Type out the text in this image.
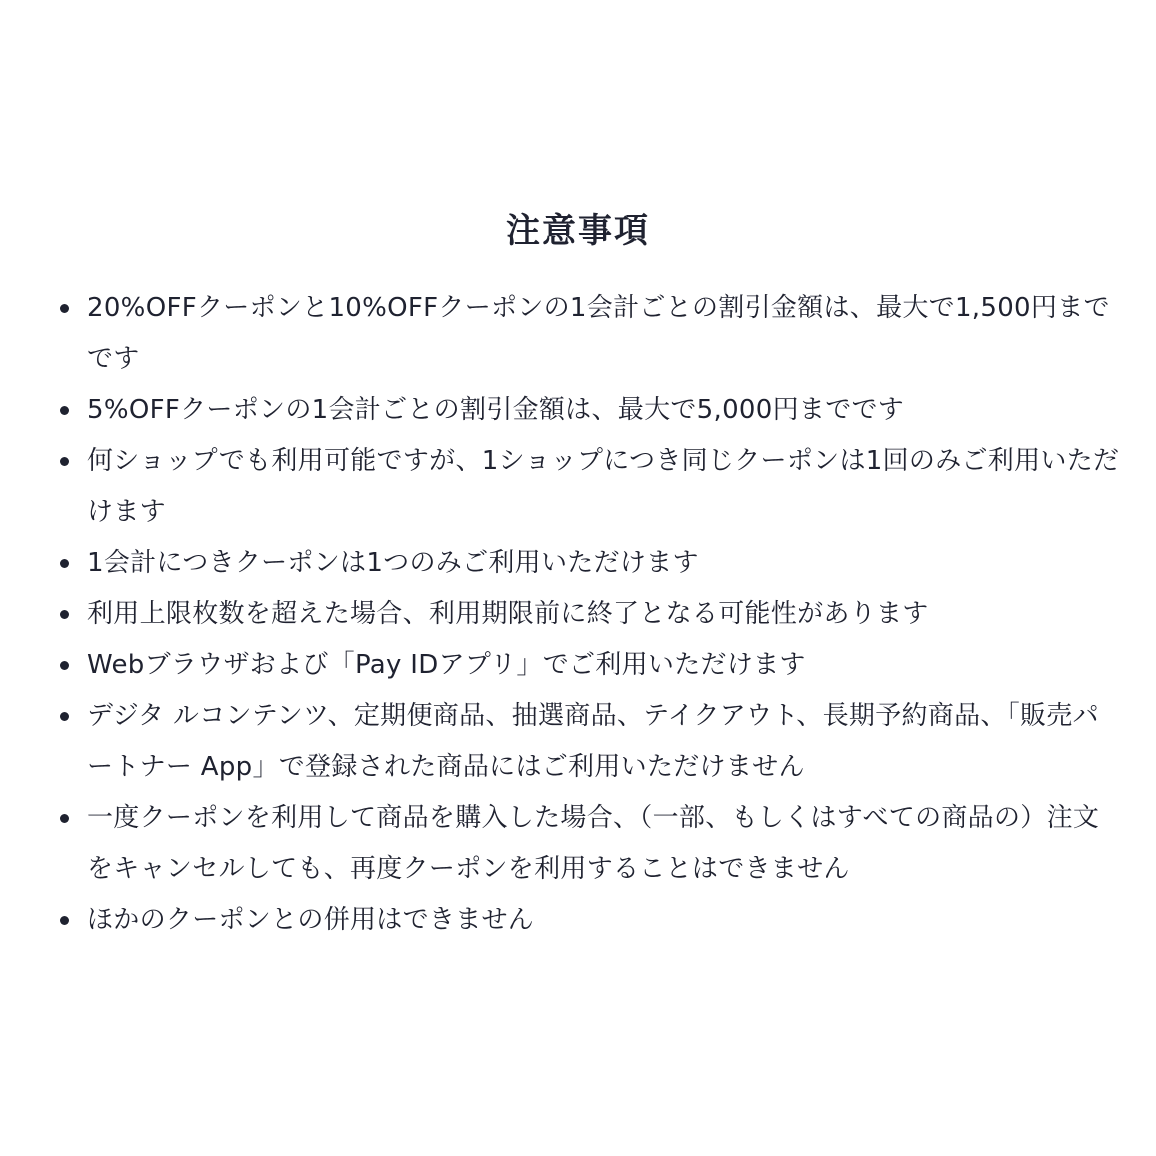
注意事項
20%OFFクーポンと10%OFFクーポンの1会計ごとの割引金額は、最大で1,500円までです
5%OFFクーポンの1会計ごとの割引金額は、最大で5,000円までです
何ショップでも利用可能ですが、1ショップにつき同じクーポンは1回のみご利用いただけます
1会計につきクーポンは1つのみご利用いただけます
利用上限枚数を超えた場合、利用期限前に終了となる可能性があります
Webブラウザおよび「Pay IDアプリ」でご利用いただけます
デジタ ルコンテンツ、定期便商品、抽選商品、テイクアウト、長期予約商品、「販売パートナー App」で登録された商品にはご利用いただけません
一度クーポンを利用して商品を購入した場合、（一部、もしくはすべての商品の）注文をキャンセルしても、再度クーポンを利用することはできません
ほかのクーポンとの併用はできません
